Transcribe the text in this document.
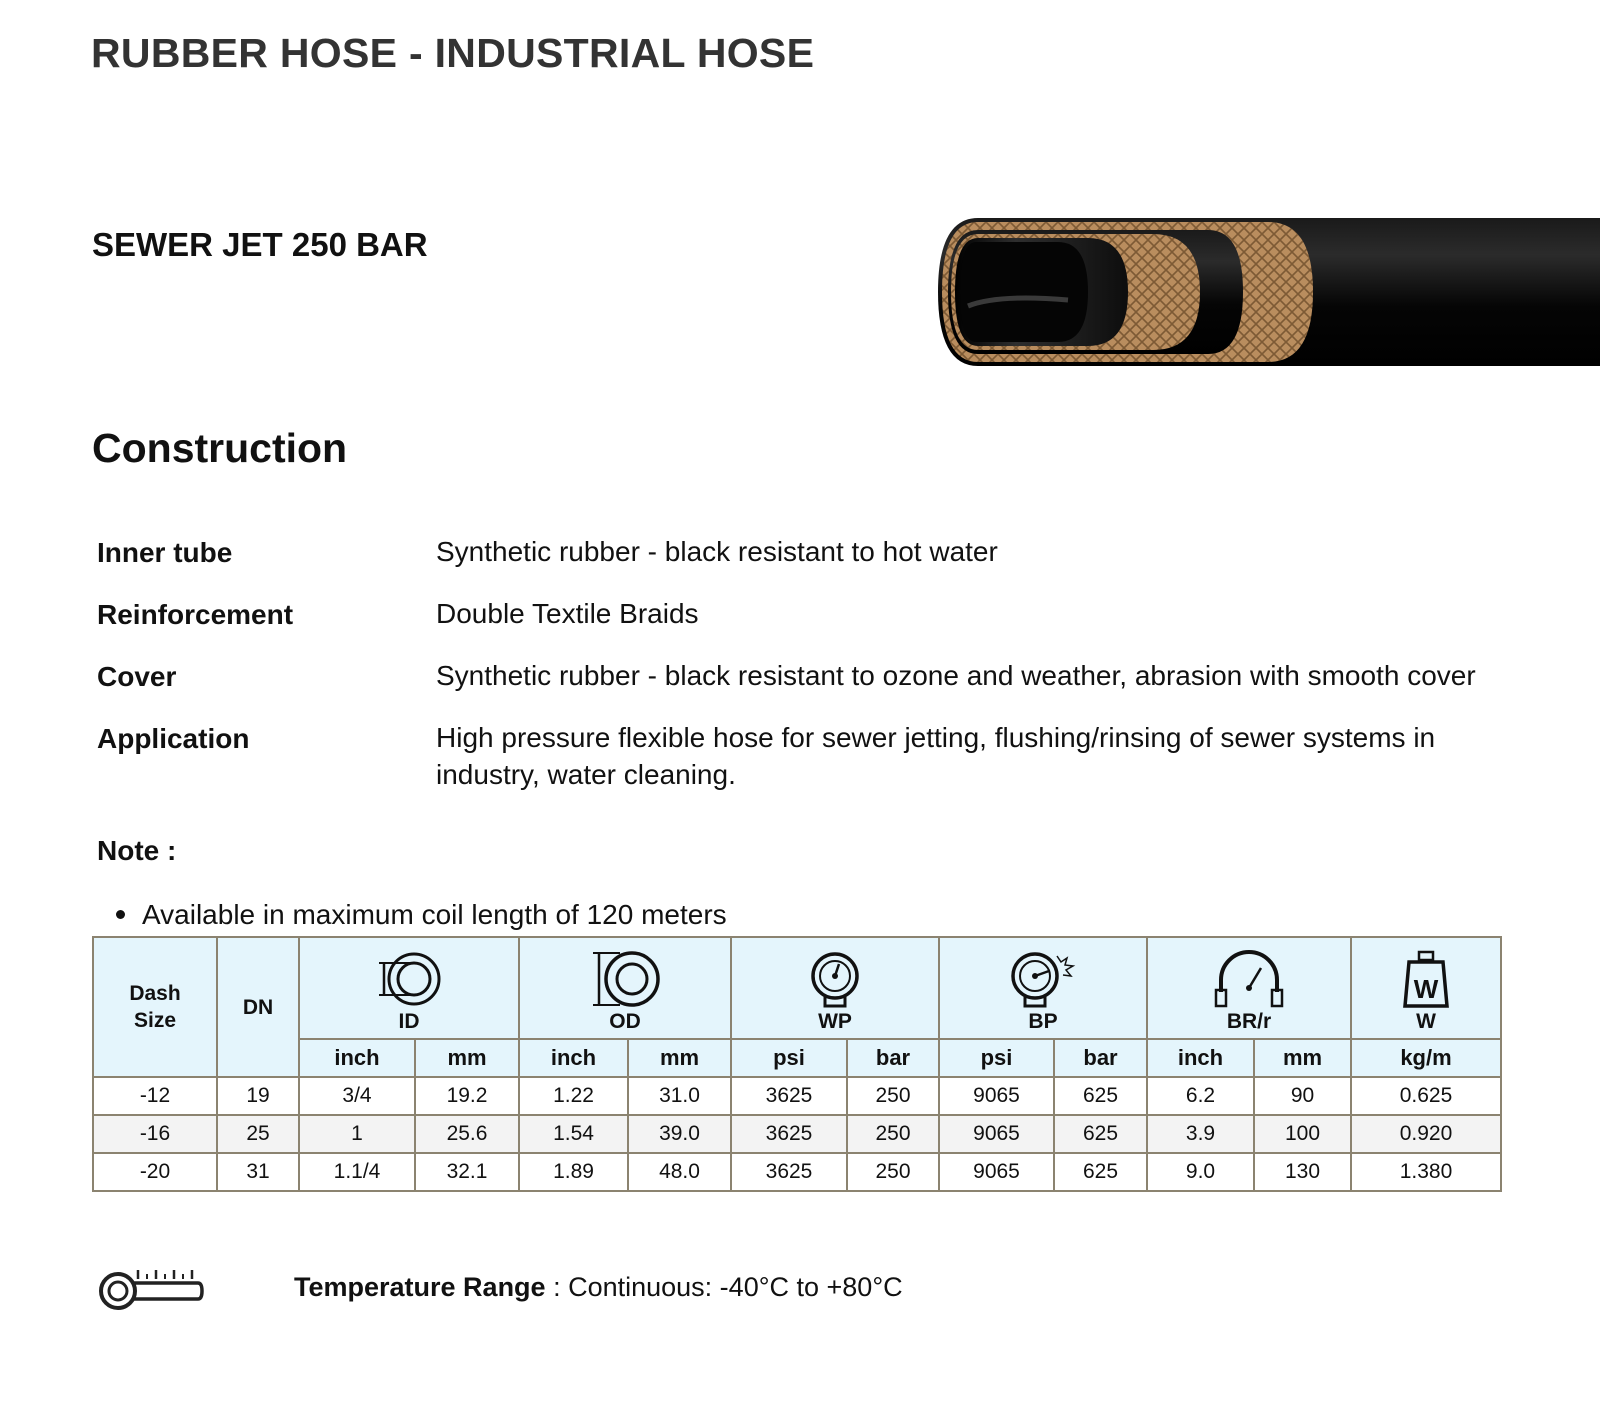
RUBBER HOSE - INDUSTRIAL HOSE
SEWER JET 250 BAR
Construction
Inner tube	Synthetic rubber - black resistant to hot water
Reinforcement	Double Textile Braids
Cover	Synthetic rubber - black resistant to ozone and weather, abrasion with smooth cover
Application	High pressure flexible hose for sewer jetting, flushing/rinsing of sewer systems in industry, water cleaning.
Note :
Available in maximum coil length of 120 meters
Dash
Size	DN	ID		OD		WP		BP		BR/r		W
W
		inch	mm	inch	mm	psi	bar	psi	bar	inch	mm	kg/m
-12	19	3/4	19.2	1.22	31.0	3625	250	9065	625	6.2	90	0.625
-16	25	1	25.6	1.54	39.0	3625	250	9065	625	3.9	100	0.920
-20	31	1.1/4	32.1	1.89	48.0	3625	250	9065	625	9.0	130	1.380
Temperature Range : Continuous: -40°C to +80°C
